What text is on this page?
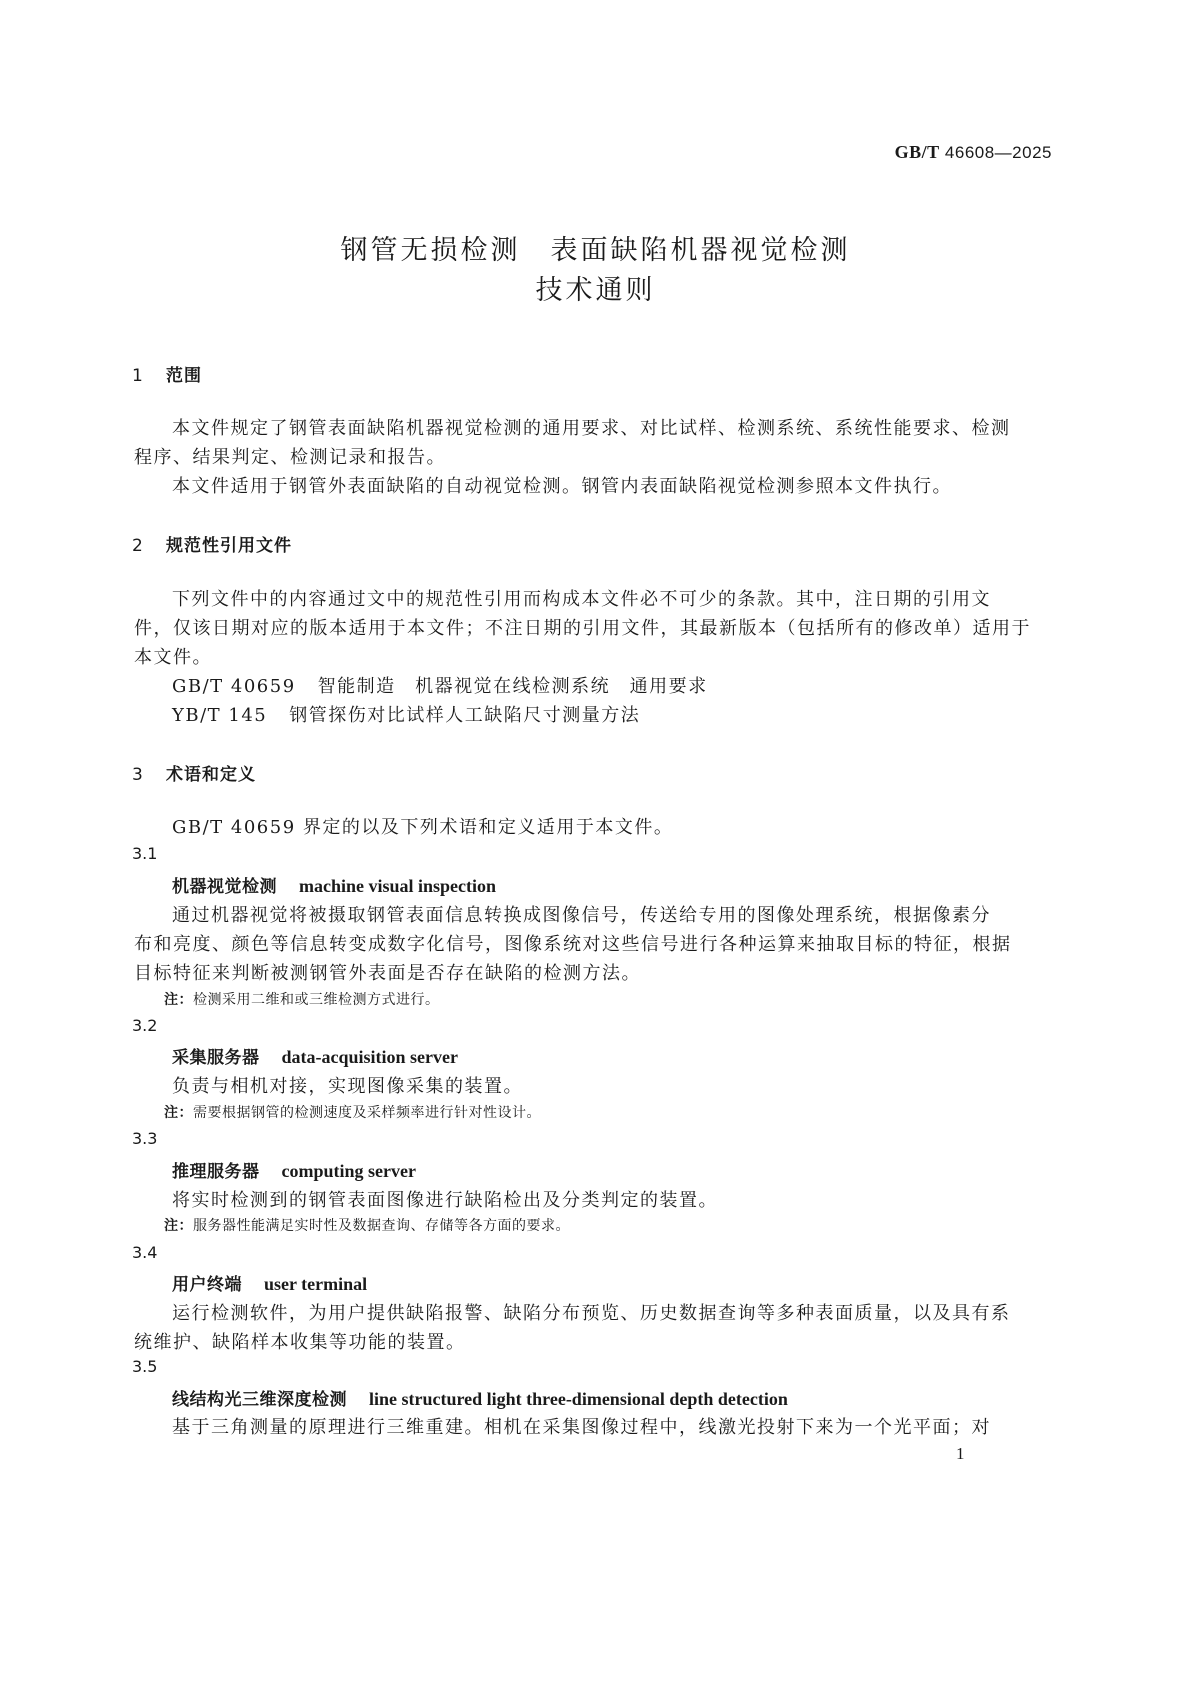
GB/T 46608—2025
钢管无损检测　表面缺陷机器视觉检测
技术通则
1 范围
本文件规定了钢管表面缺陷机器视觉检测的通用要求、对比试样、检测系统、系统性能要求、检测
程序、结果判定、检测记录和报告。
本文件适用于钢管外表面缺陷的自动视觉检测。钢管内表面缺陷视觉检测参照本文件执行。
2 规范性引用文件
下列文件中的内容通过文中的规范性引用而构成本文件必不可少的条款。其中，注日期的引用文
件，仅该日期对应的版本适用于本文件；不注日期的引用文件，其最新版本（包括所有的修改单）适用于
本文件。
GB/T 40659 智能制造　机器视觉在线检测系统　通用要求
YB/T 145 钢管探伤对比试样人工缺陷尺寸测量方法
3 术语和定义
GB/T 40659 界定的以及下列术语和定义适用于本文件。
3.1
机器视觉检测 machine visual inspection
通过机器视觉将被摄取钢管表面信息转换成图像信号，传送给专用的图像处理系统，根据像素分
布和亮度、颜色等信息转变成数字化信号，图像系统对这些信号进行各种运算来抽取目标的特征，根据
目标特征来判断被测钢管外表面是否存在缺陷的检测方法。
注：检测采用二维和或三维检测方式进行。
3.2
采集服务器 data-acquisition server
负责与相机对接，实现图像采集的装置。
注：需要根据钢管的检测速度及采样频率进行针对性设计。
3.3
推理服务器 computing server
将实时检测到的钢管表面图像进行缺陷检出及分类判定的装置。
注：服务器性能满足实时性及数据查询、存储等各方面的要求。
3.4
用户终端 user terminal
运行检测软件，为用户提供缺陷报警、缺陷分布预览、历史数据查询等多种表面质量，以及具有系
统维护、缺陷样本收集等功能的装置。
3.5
线结构光三维深度检测 line structured light three-dimensional depth detection
基于三角测量的原理进行三维重建。相机在采集图像过程中，线激光投射下来为一个光平面；对
1
